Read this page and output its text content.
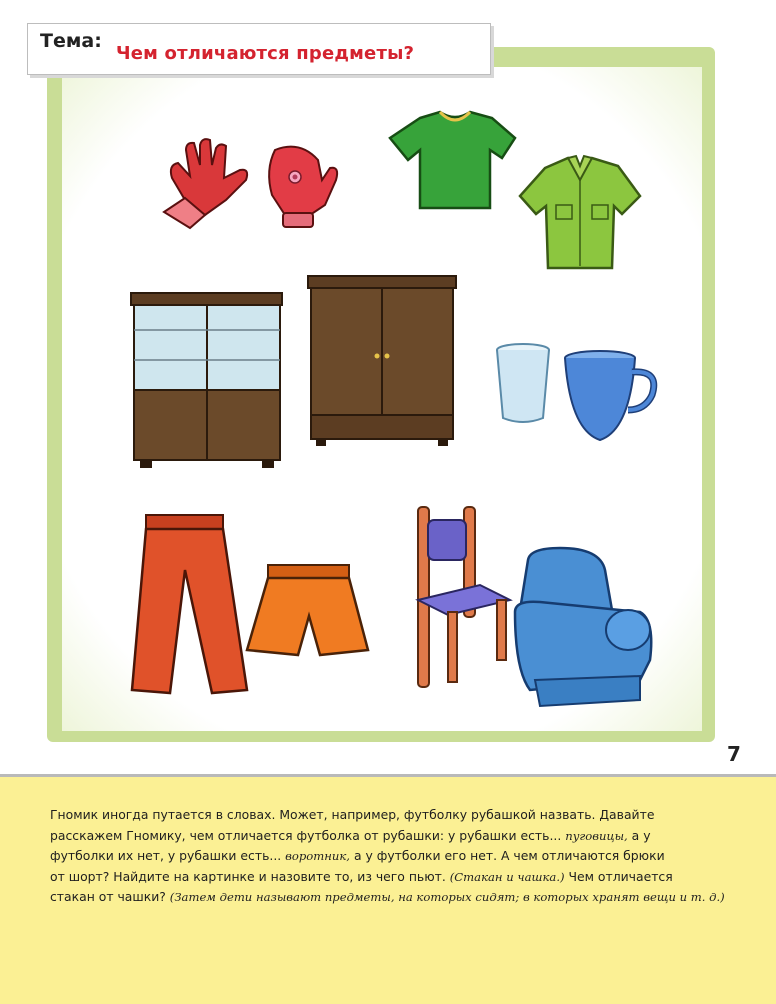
Тема:
Чем отличаются предметы?
7

Гномик иногда путается в словах. Может, например, футболку рубашкой назвать. Давайте

расскажем Гномику, чем отличается футболка от рубашки: у рубашки есть... пуговицы, а у

футболки их нет, у рубашки есть... воротник, а у футболки его нет. А чем отличаются брюки

от шорт? Найдите на картинке и назовите то, из чего пьют. (Стакан и чашка.) Чем отличается

стакан от чашки? (Затем дети называют предметы, на которых сидят; в которых хранят вещи и т. д.)
